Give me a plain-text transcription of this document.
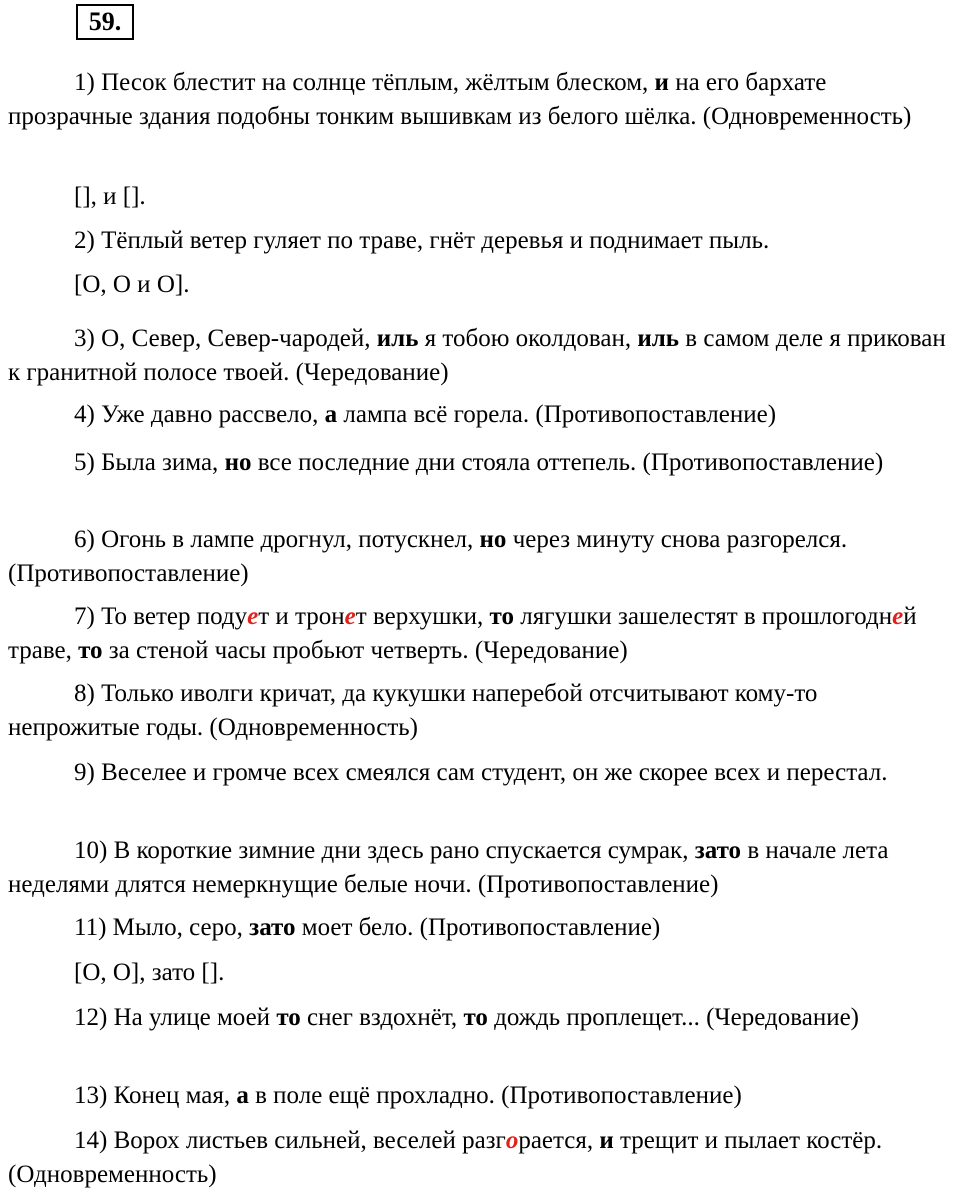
59.
1) Песок блестит на солнце тёплым, жёлтым блеском, и на его бархате прозрачные здания подобны тонким вышивкам из белого шёлка. (Одновременность)
[], и [].
2) Тёплый ветер гуляет по траве, гнёт деревья и поднимает пыль.
[О, О и О].
3) О, Север, Север-чародей, иль я тобою околдован, иль в самом деле я прикован к гранитной полосе твоей. (Чередование)
4) Уже давно рассвело, а лампа всё горела. (Противопоставление)
5) Была зима, но все последние дни стояла оттепель. (Противопоставление)
6) Огонь в лампе дрогнул, потускнел, но через минуту снова разгорелся. (Противопоставление)
7) То ветер подует и тронет верхушки, то лягушки зашелестят в прошлогодней траве, то за стеной часы пробьют четверть. (Чередование)
8) Только иволги кричат, да кукушки наперебой отсчитывают кому-то непрожитые годы. (Одновременность)
9) Веселее и громче всех смеялся сам студент, он же скорее всех и перестал.
10) В короткие зимние дни здесь рано спускается сумрак, зато в начале лета неделями длятся немеркнущие белые ночи. (Противопоставление)
11) Мыло, серо, зато моет бело. (Противопоставление)
[О, О], зато [].
12) На улице моей то снег вздохнёт, то дождь проплещет... (Чередование)
13) Конец мая, а в поле ещё прохладно. (Противопоставление)
14) Ворох листьев сильней, веселей разгорается, и трещит и пылает костёр. (Одновременность)
